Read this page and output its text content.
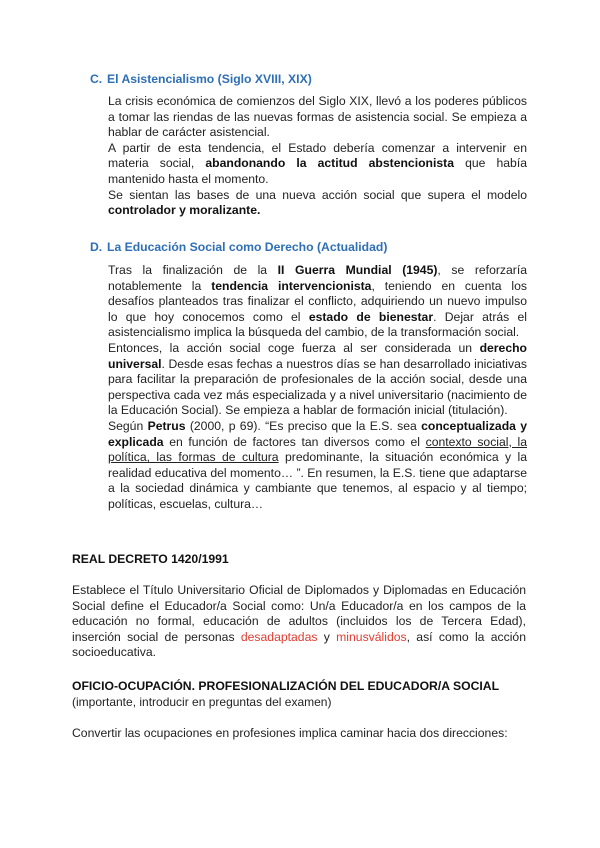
C. El Asistencialismo (Siglo XVIII, XIX)

La crisis económica de comienzos del Siglo XIX, llevó a los poderes públicos a tomar las riendas de las nuevas formas de asistencia social. Se empieza a hablar de carácter asistencial.

A partir de esta tendencia, el Estado debería comenzar a intervenir en materia social, abandonando la actitud abstencionista que había mantenido hasta el momento.

Se sientan las bases de una nueva acción social que supera el modelo controlador y moralizante.

D. La Educación Social como Derecho (Actualidad)

Tras la finalización de la II Guerra Mundial (1945), se reforzaría notablemente la tendencia intervencionista, teniendo en cuenta los desafíos planteados tras finalizar el conflicto, adquiriendo un nuevo impulso lo que hoy conocemos como el estado de bienestar. Dejar atrás el asistencialismo implica la búsqueda del cambio, de la transformación social.

Entonces, la acción social coge fuerza al ser considerada un derecho universal. Desde esas fechas a nuestros días se han desarrollado iniciativas para facilitar la preparación de profesionales de la acción social, desde una perspectiva cada vez más especializada y a nivel universitario (nacimiento de la Educación Social). Se empieza a hablar de formación inicial (titulación).

Según Petrus (2000, p 69). “Es preciso que la E.S. sea conceptualizada y explicada en función de factores tan diversos como el contexto social, la política, las formas de cultura predominante, la situación económica y la realidad educativa del momento… ”. En resumen, la E.S. tiene que adaptarse a la sociedad dinámica y cambiante que tenemos, al espacio y al tiempo; políticas, escuelas, cultura…

REAL DECRETO 1420/1991

Establece el Título Universitario Oficial de Diplomados y Diplomadas en Educación Social define el Educador/a Social como: Un/a Educador/a en los campos de la educación no formal, educación de adultos (incluidos los de Tercera Edad), inserción social de personas desadaptadas y minusválidos, así como la acción socioeducativa.

OFICIO-OCUPACIÓN. PROFESIONALIZACIÓN DEL EDUCADOR/A SOCIAL

(importante, introducir en preguntas del examen)

Convertir las ocupaciones en profesiones implica caminar hacia dos direcciones:
